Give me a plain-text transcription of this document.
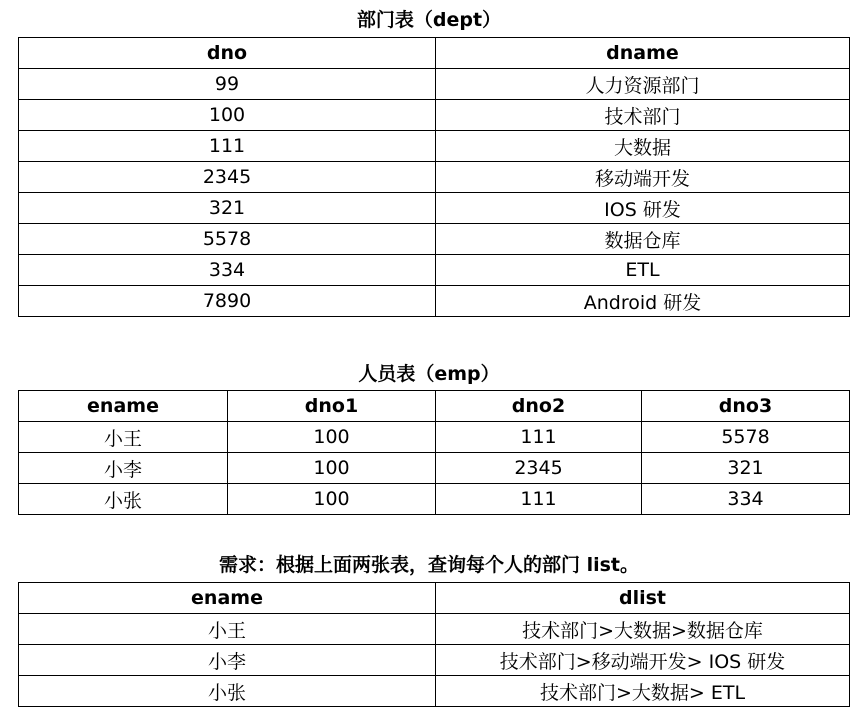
部门表（dept）
dno	dname
99	人力资源部门
100	技术部门
111	大数据
2345	移动端开发
321	IOS 研发
5578	数据仓库
334	ETL
7890	Android 研发
人员表（emp）
ename	dno1	dno2	dno3
小王	100	111	5578
小李	100	2345	321
小张	100	111	334
需求：根据上面两张表，查询每个人的部门 list。
ename	dlist
小王	技术部门>大数据>数据仓库
小李	技术部门>移动端开发> IOS 研发
小张	技术部门>大数据> ETL
